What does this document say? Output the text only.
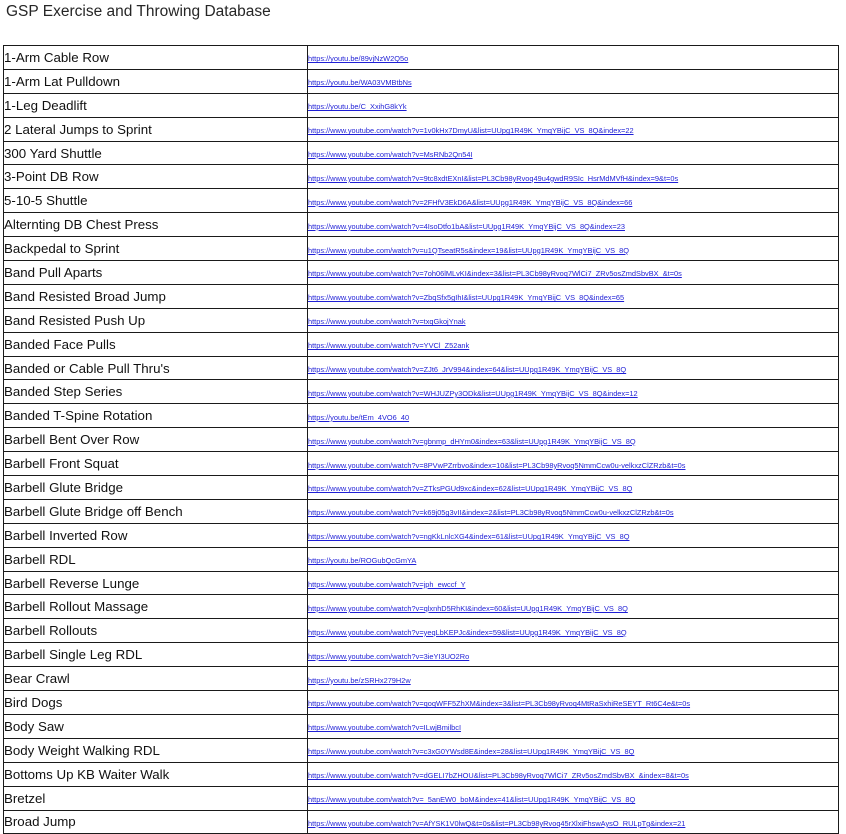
GSP Exercise and Throwing Database
1-Arm Cable Row	https://youtu.be/89vjNzW2Q5o
1-Arm Lat Pulldown	https://youtu.be/WA03VMBtbNs
1-Leg Deadlift	https://youtu.be/C_XxihG8kYk
2 Lateral Jumps to Sprint	https://www.youtube.com/watch?v=1v0kHx7DmyU&list=UUpg1R49K_YmqYBijC_VS_8Q&index=22
300 Yard Shuttle	https://www.youtube.com/watch?v=MsRNb2Qn54I
3-Point DB Row	https://www.youtube.com/watch?v=9tc8xdtEXnI&list=PL3Cb98yRvoq49u4gwdR9SIc_HsrMdMVfH&index=9&t=0s
5-10-5 Shuttle	https://www.youtube.com/watch?v=2FHfV3EkD6A&list=UUpg1R49K_YmqYBijC_VS_8Q&index=66
Alternting DB Chest Press	https://www.youtube.com/watch?v=4IsoDtfo1bA&list=UUpg1R49K_YmqYBijC_VS_8Q&index=23
Backpedal to Sprint	https://www.youtube.com/watch?v=u1QTseatR5s&index=19&list=UUpg1R49K_YmqYBijC_VS_8Q
Band Pull Aparts	https://www.youtube.com/watch?v=7oh06lMLvKI&index=3&list=PL3Cb98yRvoq7WlCi7_ZRv5osZmdSbvBX_&t=0s
Band Resisted Broad Jump	https://www.youtube.com/watch?v=ZbqSfx5gIhI&list=UUpg1R49K_YmqYBijC_VS_8Q&index=65
Band Resisted Push Up	https://www.youtube.com/watch?v=txqGkojYnak
Banded Face Pulls	https://www.youtube.com/watch?v=YVCl_Z52ank
Banded or Cable Pull Thru's	https://www.youtube.com/watch?v=ZJt6_JrV994&index=64&list=UUpg1R49K_YmqYBijC_VS_8Q
Banded Step Series	https://www.youtube.com/watch?v=WHJUZPy3ODk&list=UUpg1R49K_YmqYBijC_VS_8Q&index=12
Banded T-Spine Rotation	https://youtu.be/tEm_4VO6_40
Barbell Bent Over Row	https://www.youtube.com/watch?v=gbnmp_dHYm0&index=63&list=UUpg1R49K_YmqYBijC_VS_8Q
Barbell Front Squat	https://www.youtube.com/watch?v=8PVwPZrrbvo&index=10&list=PL3Cb98yRvoq5NmmCcw0u-velkxzClZRzb&t=0s
Barbell Glute Bridge	https://www.youtube.com/watch?v=ZTksPGUd9xc&index=62&list=UUpg1R49K_YmqYBijC_VS_8Q
Barbell Glute Bridge off Bench	https://www.youtube.com/watch?v=k69j05g3vII&index=2&list=PL3Cb98yRvoq5NmmCcw0u-velkxzClZRzb&t=0s
Barbell Inverted Row	https://www.youtube.com/watch?v=ngKkLnlcXG4&index=61&list=UUpg1R49K_YmqYBijC_VS_8Q
Barbell RDL	https://youtu.be/ROGubQcGmYA
Barbell Reverse Lunge	https://www.youtube.com/watch?v=jph_ewccf_Y
Barbell Rollout Massage	https://www.youtube.com/watch?v=qlxnhD5RhKI&index=60&list=UUpg1R49K_YmqYBijC_VS_8Q
Barbell Rollouts	https://www.youtube.com/watch?v=yeqLbKEPJc&index=59&list=UUpg1R49K_YmqYBijC_VS_8Q
Barbell Single Leg RDL	https://www.youtube.com/watch?v=3ieYI3UO2Ro
Bear Crawl	https://youtu.be/zSRHx279H2w
Bird Dogs	https://www.youtube.com/watch?v=qoqWFF5ZhXM&index=3&list=PL3Cb98yRvoq4MtRaSxhiReSEYT_Rt6C4e&t=0s
Body Saw	https://www.youtube.com/watch?v=ILwjBmilbcI
Body Weight Walking RDL	https://www.youtube.com/watch?v=c3xG0YWsd8E&index=28&list=UUpg1R49K_YmqYBijC_VS_8Q
Bottoms Up KB Waiter Walk	https://www.youtube.com/watch?v=dGELI7bZHOU&list=PL3Cb98yRvoq7WlCi7_ZRv5osZmdSbvBX_&index=8&t=0s
Bretzel	https://www.youtube.com/watch?v=_5anEW0_boM&index=41&list=UUpg1R49K_YmqYBijC_VS_8Q
Broad Jump	https://www.youtube.com/watch?v=AfYSK1V0lwQ&t=0s&list=PL3Cb98yRvoq45rXlxiFhswAysO_RULpTg&index=21
